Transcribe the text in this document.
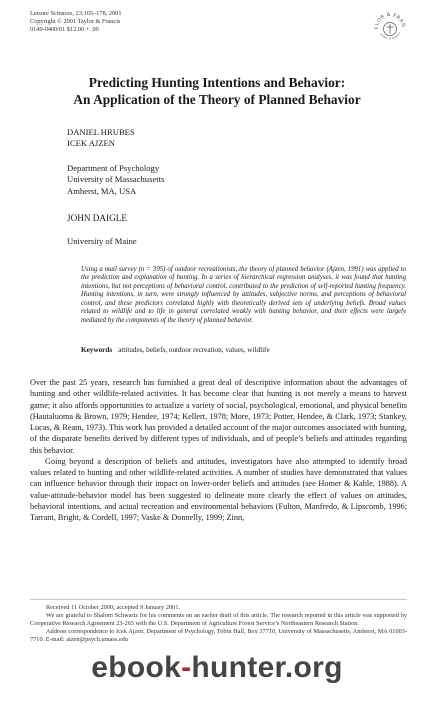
Leisure Sciences, 23:165–178, 2001
Copyright © 2001 Taylor & Francis
0149-0400/01 $12.00 + .00	YLOR & FRAN
cientific & Technica
Predicting Hunting Intentions and Behavior:
An Application of the Theory of Planned Behavior
DANIEL HRUBES
ICEK AJZEN
Department of Psychology
University of Massachusetts
Amherst, MA, USA
JOHN DAIGLE
University of Maine
Using a mail survey (n = 395) of outdoor recreationists, the theory of planned behavior (Ajzen, 1991) was applied to the prediction and explanation of hunting. In a series of hierarchical regression analyses, it was found that hunting intentions, but not perceptions of behavioral control, contributed to the prediction of self-reported hunting frequency. Hunting intentions, in turn, were strongly influenced by attitudes, subjective norms, and perceptions of behavioral control, and these predictors correlated highly with theoretically derived sets of underlying beliefs. Broad values related to wildlife and to life in general correlated weakly with hunting behavior, and their effects were largely mediated by the components of the theory of planned behavior.
Keywords attitudes, beliefs, outdoor recreation, values, wildlife

Over the past 25 years, research has furnished a great deal of descriptive information about the advantages of hunting and other wildlife-related activities. It has become clear that hunting is not merely a means to harvest game; it also affords opportunities to actualize a variety of social, psychological, emotional, and physical benefits (Hautaluoma & Brown, 1979; Hendee, 1974; Kellert, 1978; More, 1973; Potter, Hendee, & Clark, 1973; Stankey, Lucas, & Ream, 1973). This work has provided a detailed account of the major outcomes associated with hunting, of the disparate benefits derived by different types of individuals, and of people’s beliefs and attitudes regarding this behavior.

Going beyond a description of beliefs and attitudes, investigators have also attempted to identify broad values related to hunting and other wildlife-related activities. A number of studies have demonstrated that values can influence behavior through their impact on lower-order beliefs and attitudes (see Homer & Kahle, 1988). A value-attitude-behavior model has been suggested to delineate more clearly the effect of values on attitudes, behavioral intentions, and actual recreation and environmental behaviors (Fulton, Manfredo, & Lipscomb, 1996; Tarrant, Bright, & Cordell, 1997; Vaske & Donnelly, 1999; Zinn,

Received 11 October 2000; accepted 9 January 2001.

We are grateful to Shalom Schwartz for his comments on an earlier draft of this article. The research reported in this article was supported by Cooperative Research Agreement 23-265 with the U.S. Department of Agriculture Forest Service’s Northeastern Research Station.

Address correspondence to Icek Ajzen, Department of Psychology, Tobin Hall, Box 37710, University of Massachusetts, Amherst, MA 01003-7710. E-mail: aizen@psych.umass.edu

ebook-hunter.org
